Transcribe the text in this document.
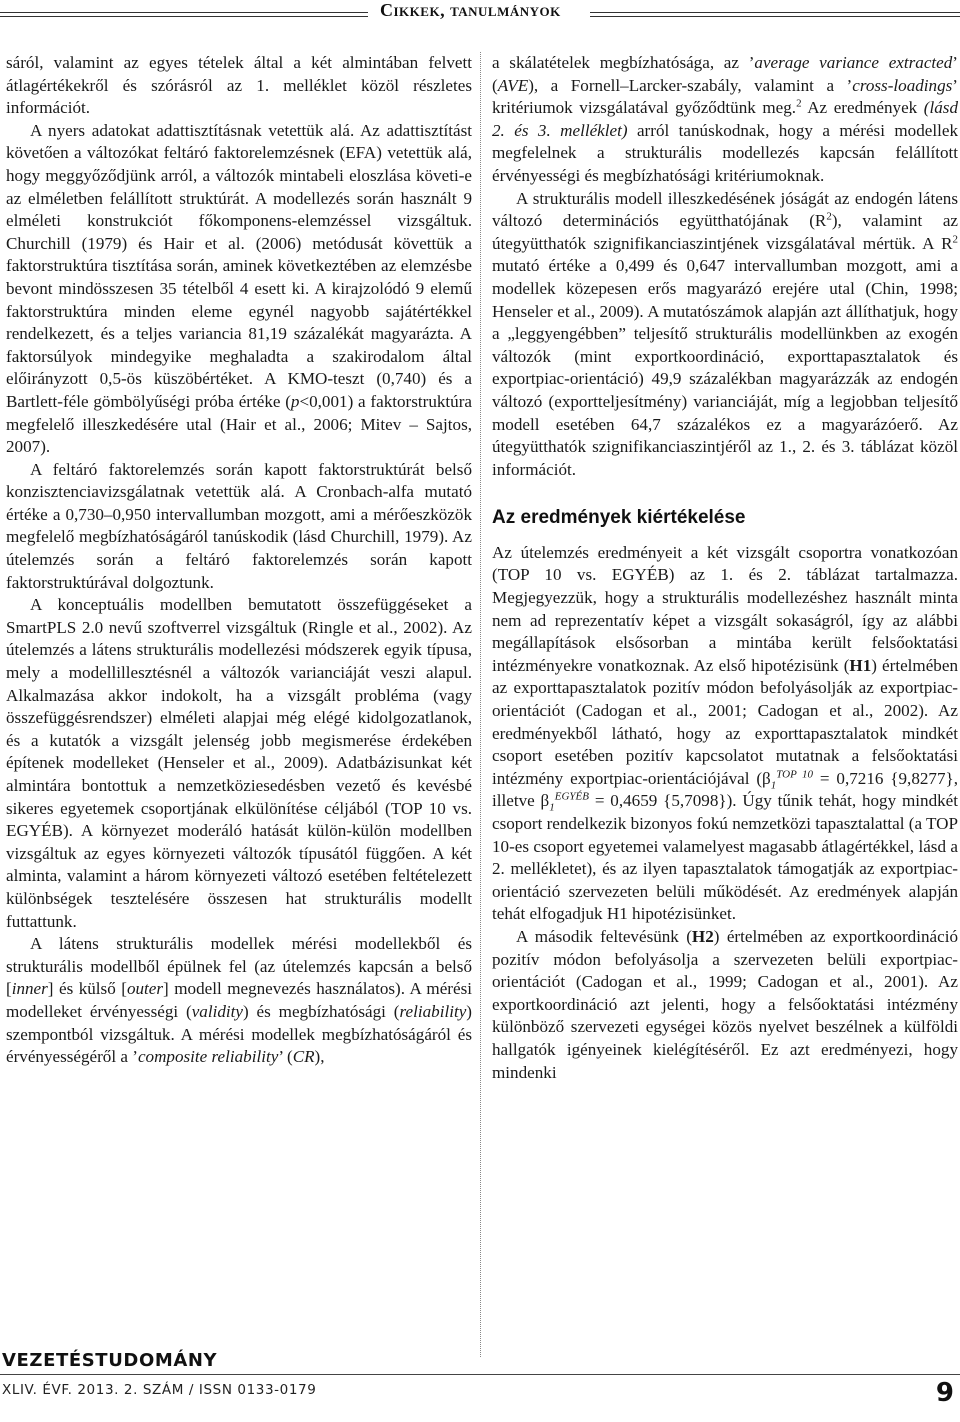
Cikkek, tanulmányok

sáról, valamint az egyes tételek által a két almintában felvett átlagértékekről és szórásról az 1. melléklet közöl részletes információt.

A nyers adatokat adattisztításnak vetettük alá. Az adattisztítást követően a változókat feltáró faktorelemzésnek (EFA) vetettük alá, hogy meggyőződjünk arról, a változók mintabeli eloszlása követi-e az elméletben felállított struktúrát. A modellezés során használt 9 elméleti konstrukciót főkomponens-elemzéssel vizsgáltuk. Churchill (1979) és Hair et al. (2006) metódusát követtük a faktorstruktúra tisztítása során, aminek következtében az elemzésbe bevont mindösszesen 35 tételből 4 esett ki. A kirajzolódó 9 elemű faktorstruktúra minden eleme egynél nagyobb sajátértékkel rendelkezett, és a teljes variancia 81,19 százalékát magyarázta. A faktorsúlyok mindegyike meghaladta a szakirodalom által előirányzott 0,5-ös küszöbértéket. A KMO-teszt (0,740) és a Bartlett-féle gömbölyűségi próba értéke (p<0,001) a faktorstruktúra megfelelő illeszkedésére utal (Hair et al., 2006; Mitev – Sajtos, 2007).

A feltáró faktorelemzés során kapott faktorstruktúrát belső konzisztenciavizsgálatnak vetettük alá. A Cronbach-alfa mutató értéke a 0,730–0,950 intervallumban mozgott, ami a mérőeszközök megfelelő megbízhatóságáról tanúskodik (lásd Churchill, 1979). Az útelemzés során a feltáró faktorelemzés során kapott faktorstruktúrával dolgoztunk.

A konceptuális modellben bemutatott összefüggéseket a SmartPLS 2.0 nevű szoftverrel vizsgáltuk (Ringle et al., 2002). Az útelemzés a látens strukturális modellezési módszerek egyik típusa, mely a modellillesztésnél a változók varianciáját veszi alapul. Alkalmazása akkor indokolt, ha a vizsgált probléma (vagy összefüggésrendszer) elméleti alapjai még elégé kidolgozatlanok, és a kutatók a vizsgált jelenség jobb megismerése érdekében építenek modelleket (Henseler et al., 2009). Adatbázisunkat két almintára bontottuk a nemzetköziesedésben vezető és kevésbé sikeres egyetemek csoportjának elkülönítése céljából (TOP 10 vs. EGYÉB). A környezet moderáló hatását külön-külön modellben vizsgáltuk az egyes környezeti változók típusától függően. A két alminta, valamint a három környezeti változó esetében feltételezett különbségek tesztelésére összesen hat strukturális modellt futtattunk.

A látens strukturális modellek mérési modellekből és strukturális modellből épülnek fel (az útelemzés kapcsán a belső [inner] és külső [outer] modell megnevezés használatos). A mérési modelleket érvényességi (validity) és megbízhatósági (reliability) szempontból vizsgáltuk. A mérési modellek megbízhatóságáról és érvényességéről a ’composite reliability’ (CR),

a skálatételek megbízhatósága, az ’average variance extracted’ (AVE), a Fornell–Larcker-szabály, valamint a ’cross-loadings’ kritériumok vizsgálatával győződtünk meg.$^2$ Az eredmények (lásd 2. és 3. melléklet) arról tanúskodnak, hogy a mérési modellek megfelelnek a strukturális modellezés kapcsán felállított érvényességi és megbízhatósági kritériumoknak.

A strukturális modell illeszkedésének jóságát az endogén látens változó determinációs együtthatójának $(R^2)$, valamint az útegyütthatók szignifikanciaszintjének vizsgálatával mértük. A $R^2$ mutató értéke a 0,499 és 0,647 intervallumban mozgott, ami a modellek közepesen erős magyarázó erejére utal (Chin, 1998; Henseler et al., 2009). A mutatószámok alapján azt állíthatjuk, hogy a „leggyengébben” teljesítő strukturális modellünkben az exogén változók (mint exportkoordináció, exporttapasztalatok és exportpiac-orientáció) 49,9 százalékban magyarázzák az endogén változó (exportteljesítmény) varianciáját, míg a legjobban teljesítő modell esetében 64,7 százalékos ez a magyarázóerő. Az útegyütthatók szignifikanciaszintjéről az 1., 2. és 3. táblázat közöl információt.

Az eredmények kiértékelése

Az útelemzés eredményeit a két vizsgált csoportra vonatkozóan (TOP 10 vs. EGYÉB) az 1. és 2. táblázat tartalmazza. Megjegyezzük, hogy a strukturális modellezéshez használt minta nem ad reprezentatív képet a vizsgált sokaságról, így az alábbi megállapítások elsősorban a mintába került felsőoktatási intézményekre vonatkoznak. Az első hipotézisünk (H1) értelmében az exporttapasztalatok pozitív módon befolyásolják az exportpiac-orientációt (Cadogan et al., 2001; Cadogan et al., 2002). Az eredményekből látható, hogy az exporttapasztalatok mindkét csoport esetében pozitív kapcsolatot mutatnak a felsőoktatási intézmény exportpiac-orientációjával ($\beta_1^{TOP 10} = 0,7216$ {9,8277}, illetve $\beta_1^{EGYÉB} = 0,4659$ {5,7098}). Úgy tűnik tehát, hogy mindkét csoport rendelkezik bizonyos fokú nemzetközi tapasztalattal (a TOP 10-es csoport egyetemei valamelyest magasabb átlagértékkel, lásd a 2. mellékletet), és az ilyen tapasztalatok támogatják az exportpiac-orientáció szervezeten belüli működését. Az eredmények alapján tehát elfogadjuk H1 hipotézisünket.

A második feltevésünk (H2) értelmében az exportkoordináció pozitív módon befolyásolja a szervezeten belüli exportpiac-orientációt (Cadogan et al., 1999; Cadogan et al., 2001). Az exportkoordináció azt jelenti, hogy a felsőoktatási intézmény különböző szervezeti egységei közös nyelvet beszélnek a külföldi hallgatók igényeinek kielégítéséről. Ez azt eredményezi, hogy mindenki

VEZETÉSTUDOMÁNY
XLIV. ÉVF. 2013. 2. SZÁM / ISSN 0133-0179	9
